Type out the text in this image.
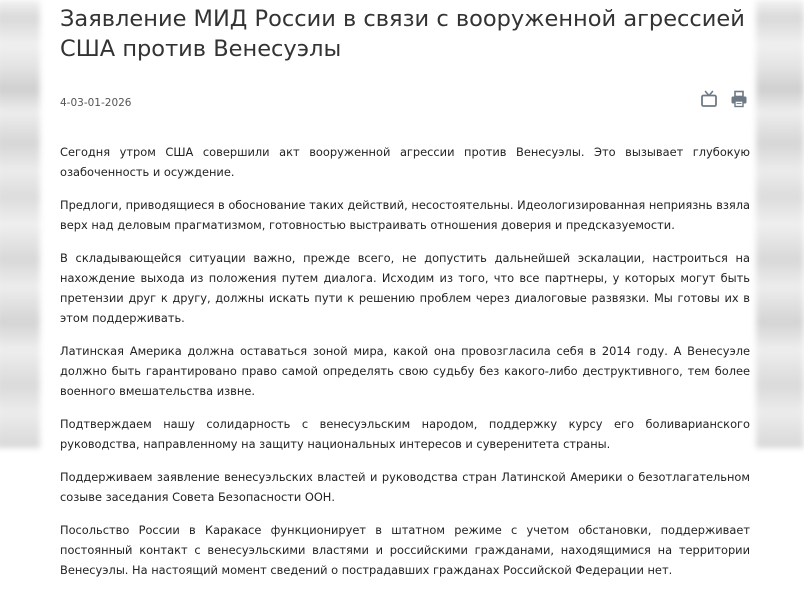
Заявление МИД России в связи с вооруженной агрессией США против Венесуэлы
4-03-01-2026

Сегодня утром США совершили акт вооруженной агрессии против Венесуэлы. Это вызывает глубокую озабоченность и осуждение.

Предлоги, приводящиеся в обоснование таких действий, несостоятельны. Идеологизированная неприязнь взяла верх над деловым прагматизмом, готовностью выстраивать отношения доверия и предсказуемости.

В складывающейся ситуации важно, прежде всего, не допустить дальнейшей эскалации, настроиться на нахождение выхода из положения путем диалога. Исходим из того, что все партнеры, у которых могут быть претензии друг к другу, должны искать пути к решению проблем через диалоговые развязки. Мы готовы их в этом поддерживать.

Латинская Америка должна оставаться зоной мира, какой она провозгласила себя в 2014 году. А Венесуэле должно быть гарантировано право самой определять свою судьбу без какого-либо деструктивного, тем более военного вмешательства извне.

Подтверждаем нашу солидарность с венесуэльским народом, поддержку курсу его боливарианского руководства, направленному на защиту национальных интересов и суверенитета страны.

Поддерживаем заявление венесуэльских властей и руководства стран Латинской Америки о безотлагательном созыве заседания Совета Безопасности ООН.

Посольство России в Каракасе функционирует в штатном режиме с учетом обстановки, поддерживает постоянный контакт с венесуэльскими властями и российскими гражданами, находящимися на территории Венесуэлы. На настоящий момент сведений о пострадавших гражданах Российской Федерации нет.
